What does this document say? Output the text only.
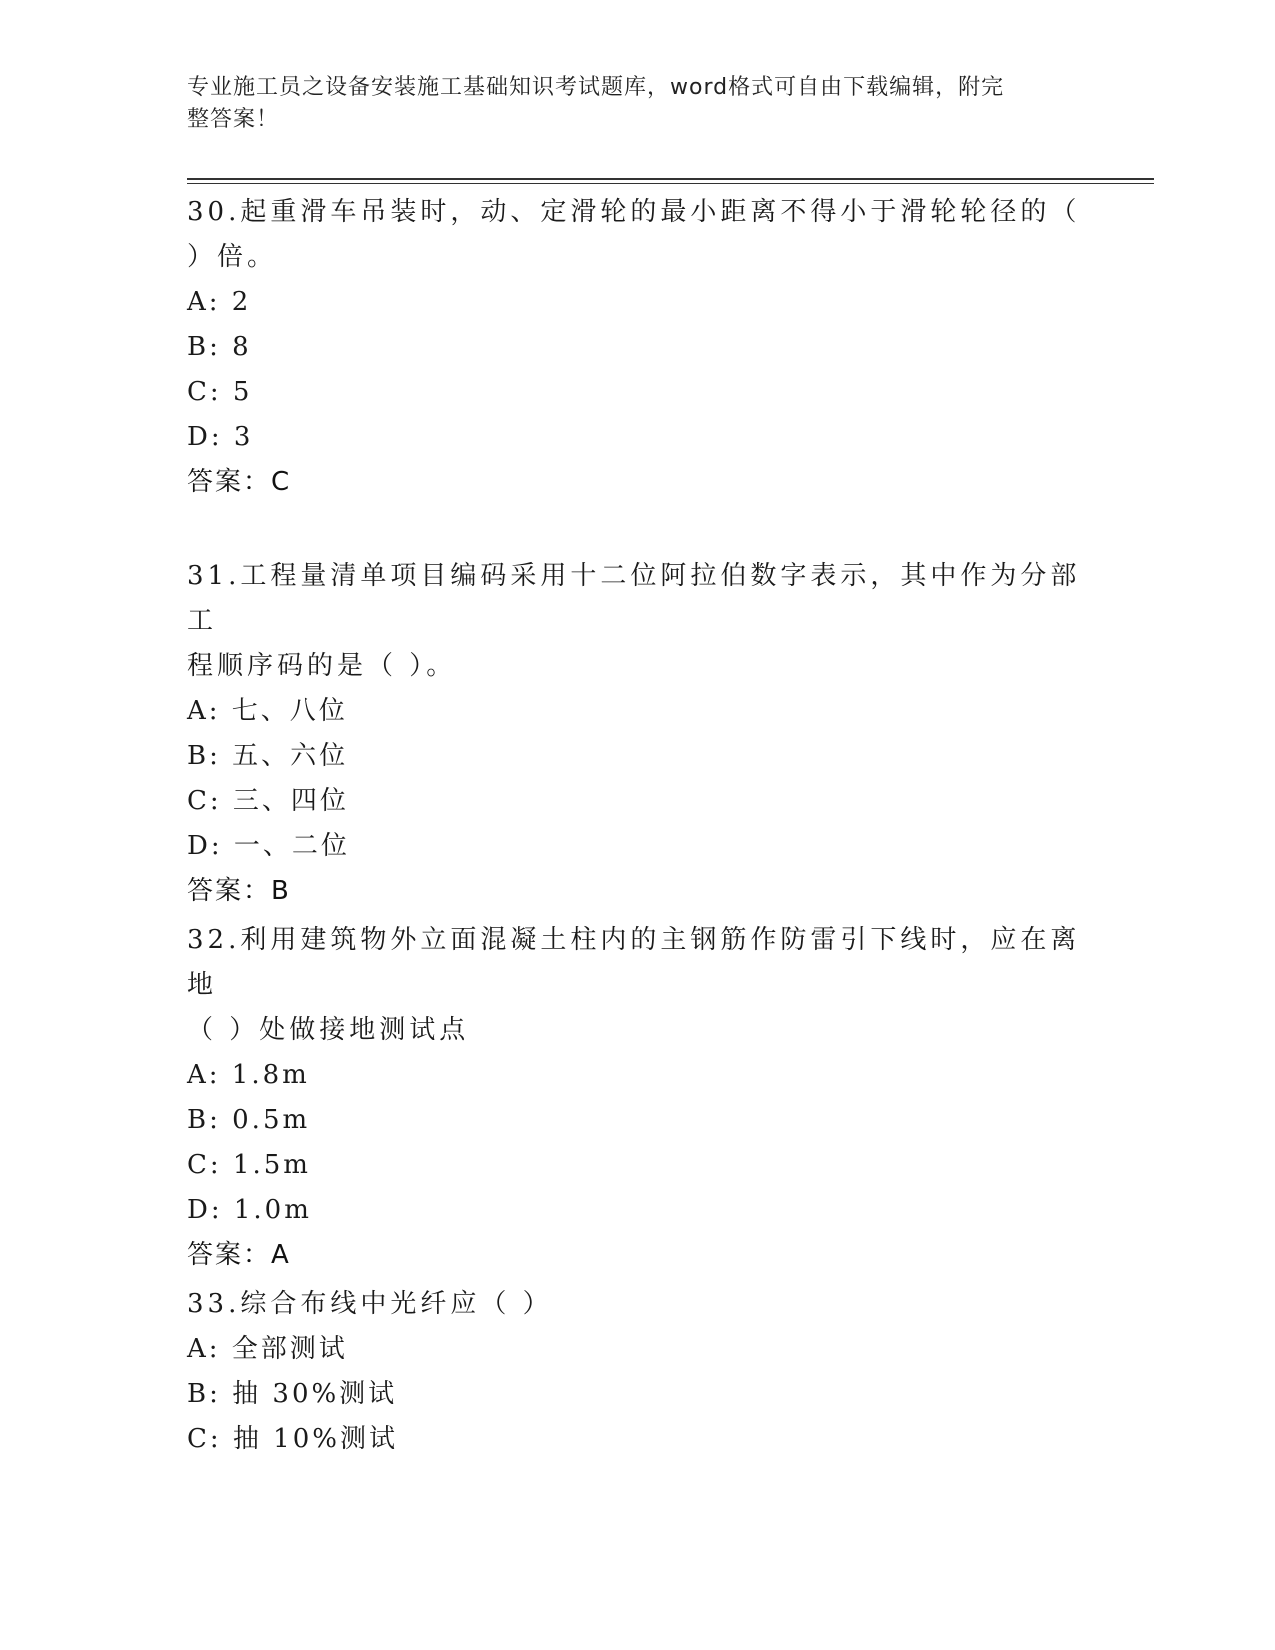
专业施工员之设备安装施工基础知识考试题库，word格式可自由下载编辑，附完
整答案！

30.起重滑车吊装时，动、定滑轮的最小距离不得小于滑轮轮径的（

）倍。

A: 2

B: 8

C: 5

D: 3

答案：C

31.工程量清单项目编码采用十二位阿拉伯数字表示，其中作为分部工

程顺序码的是（ ）。

A: 七、八位

B: 五、六位

C: 三、四位

D: 一、二位

答案：B

32.利用建筑物外立面混凝土柱内的主钢筋作防雷引下线时，应在离地

（ ）处做接地测试点

A: 1.8m

B: 0.5m

C: 1.5m

D: 1.0m

答案：A

33.综合布线中光纤应（ ）

A: 全部测试

B: 抽 30%测试

C: 抽 10%测试
